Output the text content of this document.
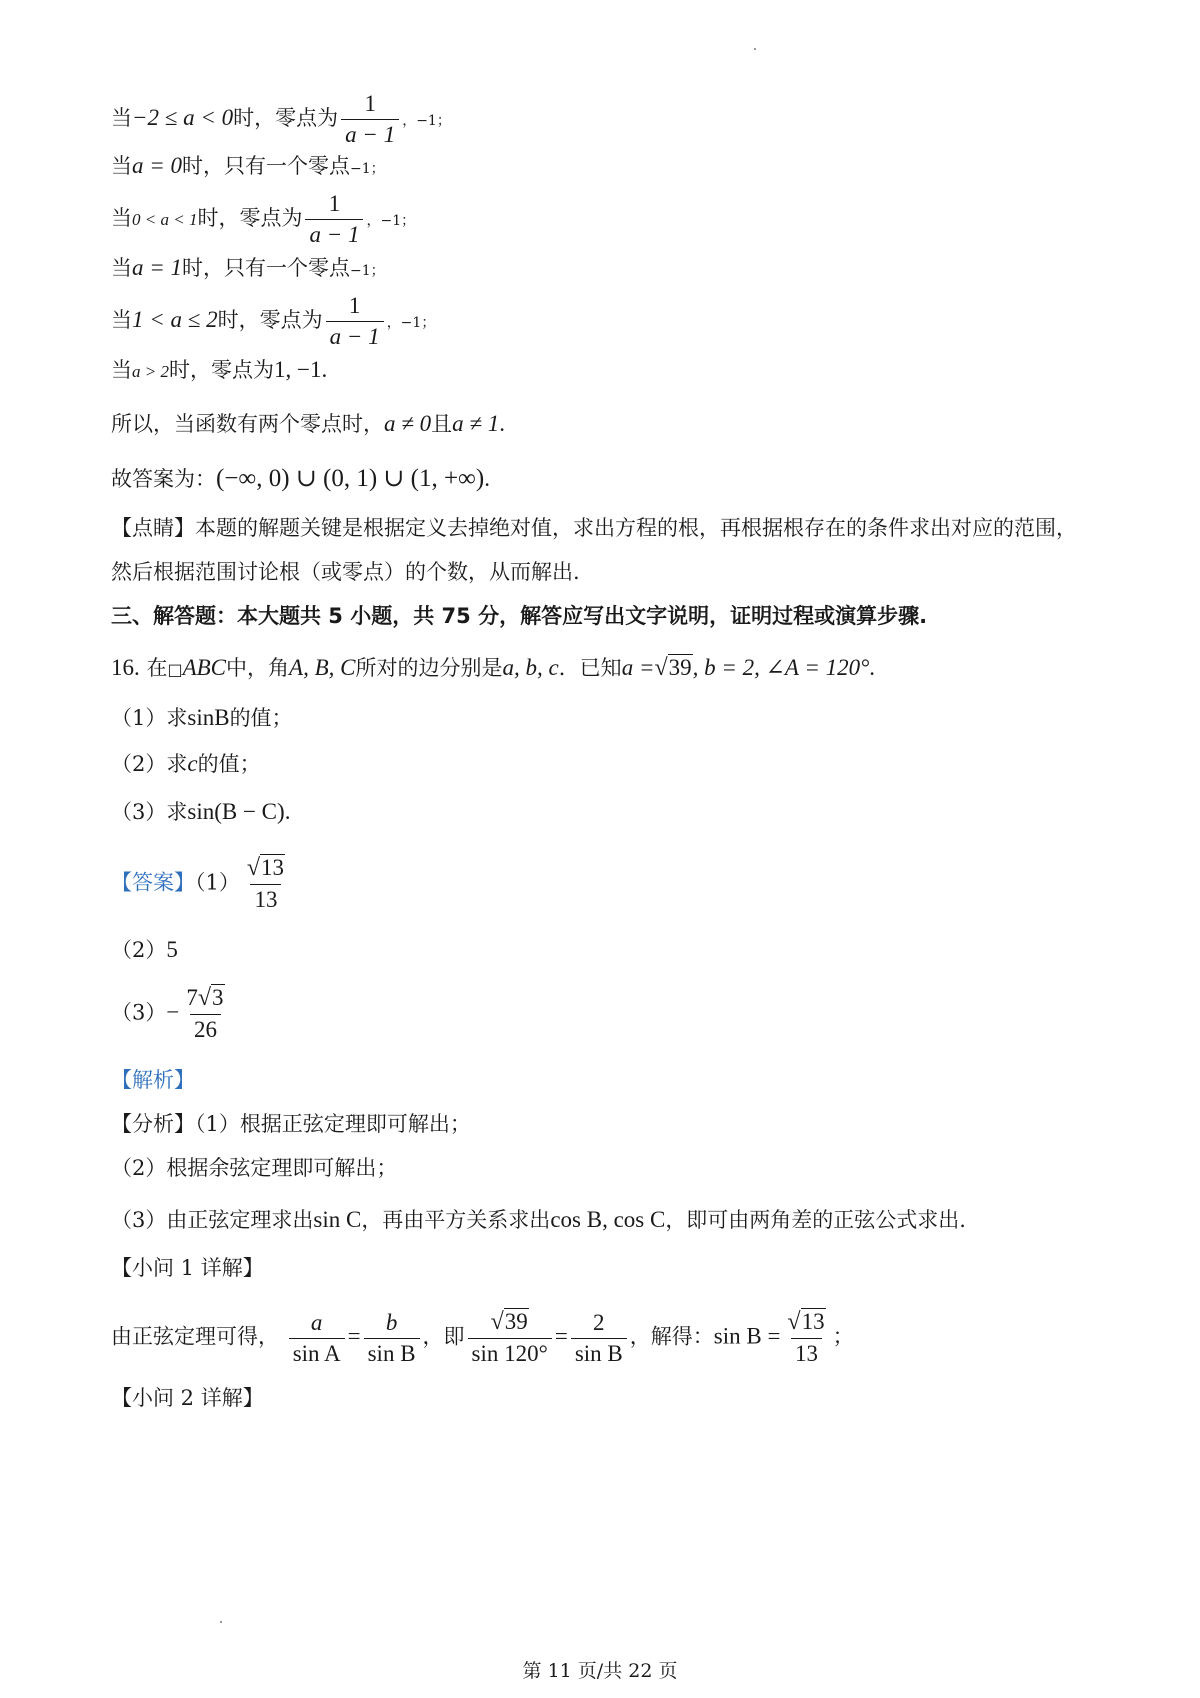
当−2 ≤ a < 0时，零点为 $\frac{1}{a - 1}$ ，−1；
当a = 0时，只有一个零点−1；
当0 < a < 1时，零点为 $\frac{1}{a - 1}$ ，−1；
当a = 1时，只有一个零点−1；
当1 < a ≤ 2时，零点为 $\frac{1}{a - 1}$ ，−1；
当a > 2时，零点为1, −1.
所以，当函数有两个零点时，a ≠ 0且a ≠ 1.
故答案为：(−∞, 0) ∪ (0, 1) ∪ (1, +∞).
【点睛】本题的解题关键是根据定义去掉绝对值，求出方程的根，再根据根存在的条件求出对应的范围，
然后根据范围讨论根（或零点）的个数，从而解出.
三、解答题：本大题共 5 小题，共 75 分，解答应写出文字说明，证明过程或演算步骤.
16. 在□ABC中，角A, B, C所对的边分别是a, b, c．已知a =√39, b = 2, ∠A = 120°.
（1）求sinB的值；
（2）求c的值；
（3）求sin(B − C).
【答案】$(1) \frac{√13}{13}$
（2）5
$(3)- \frac{7√3}{26}$
【解析】
【分析】（1）根据正弦定理即可解出；
（2）根据余弦定理即可解出；
（3）由正弦定理求出sin C，再由平方关系求出cos B, cos C，即可由两角差的正弦公式求出.
【小问 1 详解】
由正弦定理可得， $\frac{a}{\text{sin A}} = \frac{b}{\text{sin B}}$ ，即 $\frac{√39}{\sin 120^\circ} = \frac{2}{\text{sin B}}$ ，解得：$\sin B = \frac{√13}{13}$ ；
【小问 2 详解】
第 11 页/共 22 页
